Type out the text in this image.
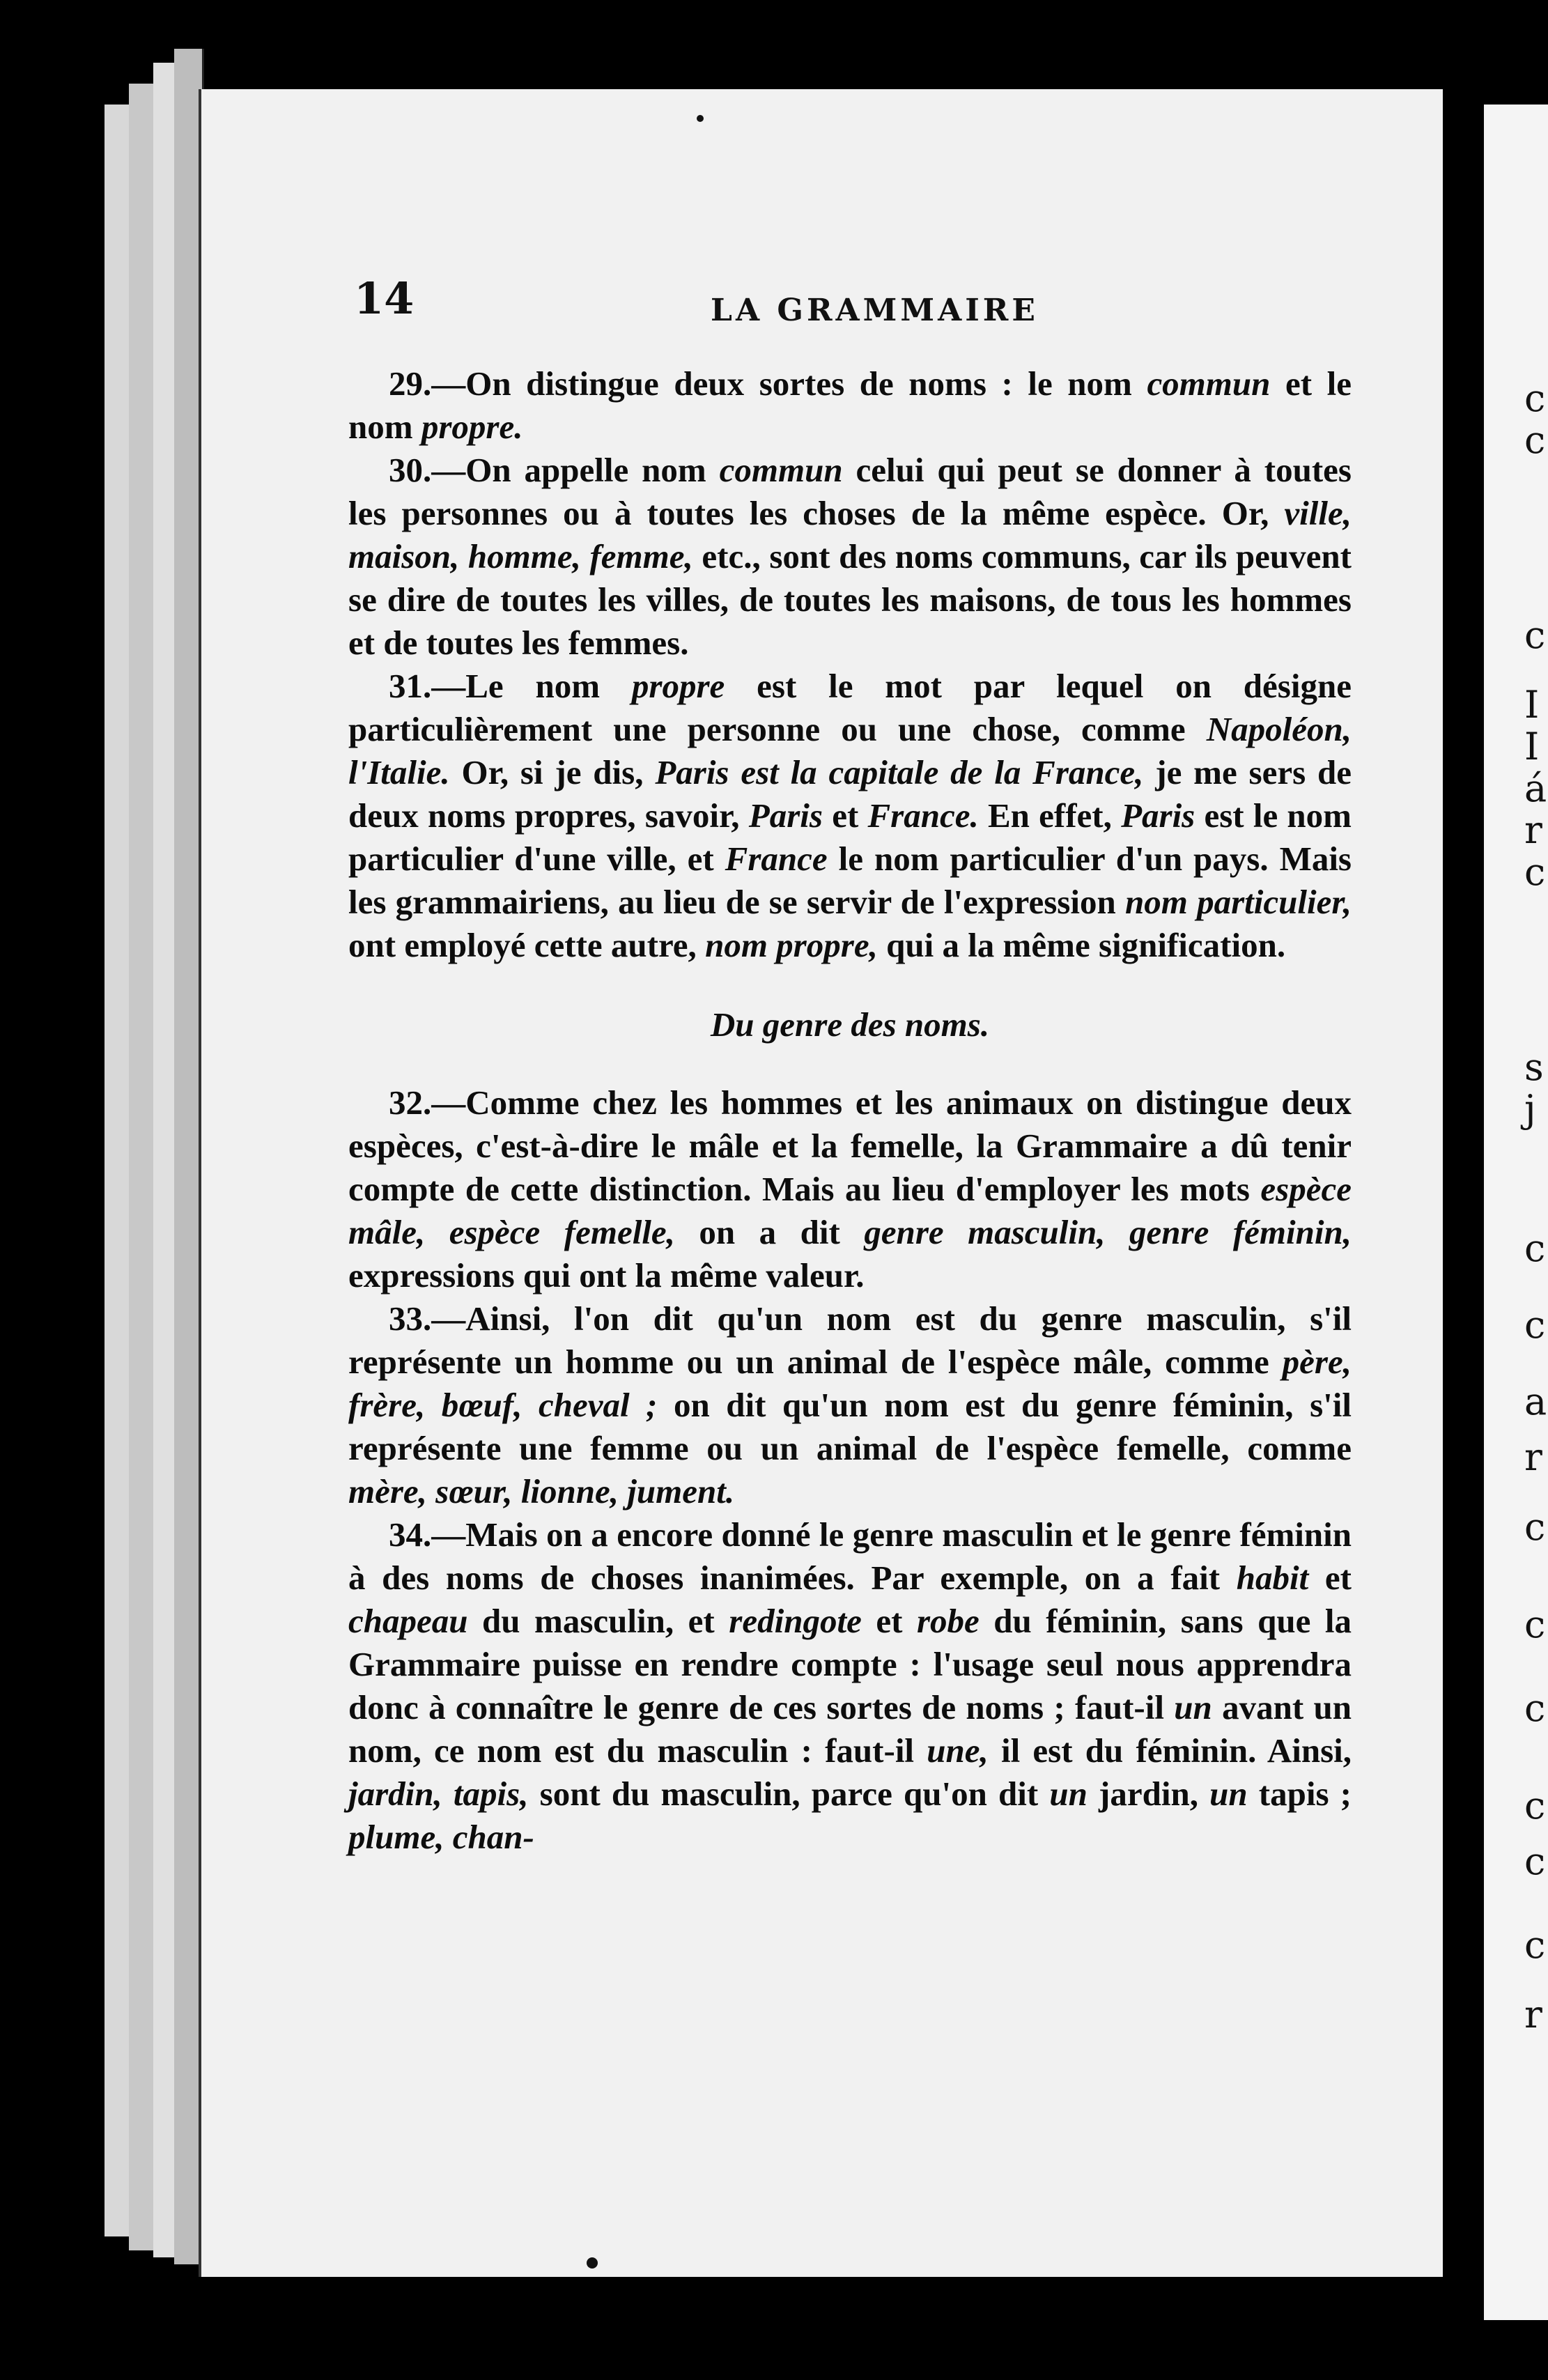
c
c
c
I
I
á
r
c
s
j
c
c
a
r
c
c
c
c
c
c
r
14	LA GRAMMAIRE

29.—On distingue deux sortes de noms : le nom commun et le nom propre.

30.—On appelle nom commun celui qui peut se donner à toutes les personnes ou à toutes les choses de la même espèce. Or, ville, maison, homme, femme, etc., sont des noms communs, car ils peuvent se dire de toutes les villes, de toutes les maisons, de tous les hommes et de toutes les femmes.

31.—Le nom propre est le mot par lequel on désigne particulièrement une personne ou une chose, comme Napoléon, l'Italie. Or, si je dis, Paris est la capitale de la France, je me sers de deux noms propres, savoir, Paris et France. En effet, Paris est le nom particulier d'une ville, et France le nom particulier d'un pays. Mais les grammairiens, au lieu de se servir de l'expression nom particulier, ont employé cette autre, nom propre, qui a la même signification.

Du genre des noms.

32.—Comme chez les hommes et les animaux on distingue deux espèces, c'est-à-dire le mâle et la femelle, la Grammaire a dû tenir compte de cette distinction. Mais au lieu d'employer les mots espèce mâle, espèce femelle, on a dit genre masculin, genre féminin, expressions qui ont la même valeur.

33.—Ainsi, l'on dit qu'un nom est du genre masculin, s'il représente un homme ou un animal de l'espèce mâle, comme père, frère, bœuf, cheval ; on dit qu'un nom est du genre féminin, s'il représente une femme ou un animal de l'espèce femelle, comme mère, sœur, lionne, jument.

34.—Mais on a encore donné le genre masculin et le genre féminin à des noms de choses inanimées. Par exemple, on a fait habit et chapeau du masculin, et redingote et robe du féminin, sans que la Grammaire puisse en rendre compte : l'usage seul nous apprendra donc à connaître le genre de ces sortes de noms ; faut-il un avant un nom, ce nom est du masculin : faut-il une, il est du féminin. Ainsi, jardin, tapis, sont du masculin, parce qu'on dit un jardin, un tapis ; plume, chan-
